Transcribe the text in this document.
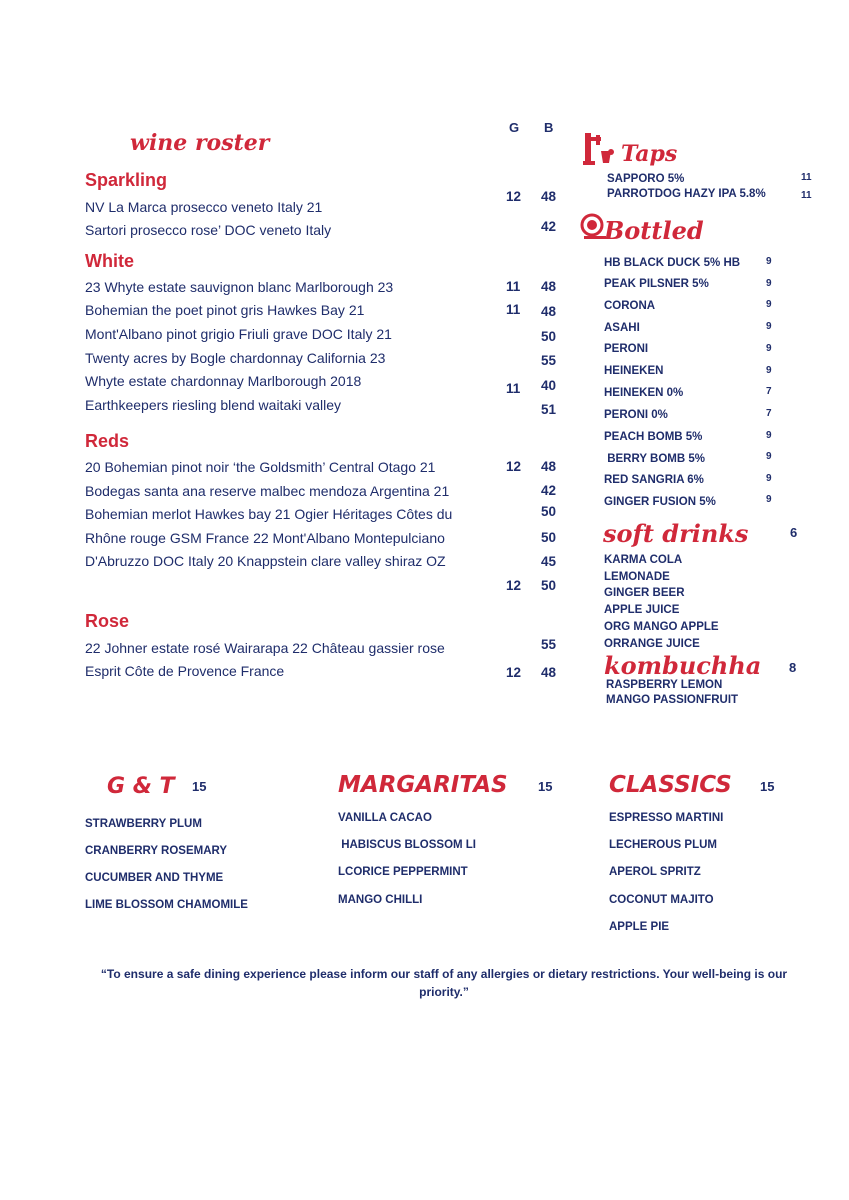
wine roster
G B
Sparkling
NV La Marca prosecco veneto Italy 21
Sartori prosecco rose’ DOC veneto Italy
12 48
42
White
23 Whyte estate sauvignon blanc Marlborough 23
Bohemian the poet pinot gris Hawkes Bay 21
Mont'Albano pinot grigio Friuli grave DOC Italy 21
Twenty acres by Bogle chardonnay California 23
Whyte estate chardonnay Marlborough 2018
Earthkeepers riesling blend waitaki valley
11
11
11
48
48
50
55
40
51
Reds
20 Bohemian pinot noir ‘the Goldsmith’ Central Otago 21
Bodegas santa ana reserve malbec mendoza Argentina 21
Bohemian merlot Hawkes bay 21 Ogier Héritages Côtes du
Rhône rouge GSM France 22 Mont'Albano Montepulciano
D'Abruzzo DOC Italy 20 Knappstein clare valley shiraz OZ
12
12
48
42
50
50
45
50
Rose
22 Johner estate rosé Wairarapa 22 Château gassier rose
Esprit Côte de Provence France	12
55
48
Taps
SAPPORO 5%
PARROTDOG HAZY IPA 5.8%
11
11
Bottled
HB BLACK DUCK 5% HB
PEAK PILSNER 5%
CORONA
ASAHI
PERONI
HEINEKEN
HEINEKEN 0%
PERONI 0%
PEACH BOMB 5%
BERRY BOMB 5%
RED SANGRIA 6%
GINGER FUSION 5%
9
9
9
9
9
9
7
7
9
9
9
9
soft drinks	6
KARMA COLA
LEMONADE
GINGER BEER
APPLE JUICE
ORG MANGO APPLE
ORRANGE JUICE
kombuchha 8
RASPBERRY LEMON
MANGO PASSIONFRUIT
G & T 15
STRAWBERRY PLUM
CRANBERRY ROSEMARY
CUCUMBER AND THYME
LIME BLOSSOM CHAMOMILE
MARGARITAS 15
VANILLA CACAO
HABISCUS BLOSSOM LI
LCORICE PEPPERMINT
MANGO CHILLI
CLASSICS 15
ESPRESSO MARTINI
LECHEROUS PLUM
APEROL SPRITZ
COCONUT MAJITO
APPLE PIE
“To ensure a safe dining experience please inform our staff of any allergies or dietary restrictions. Your well-being is our priority.”
